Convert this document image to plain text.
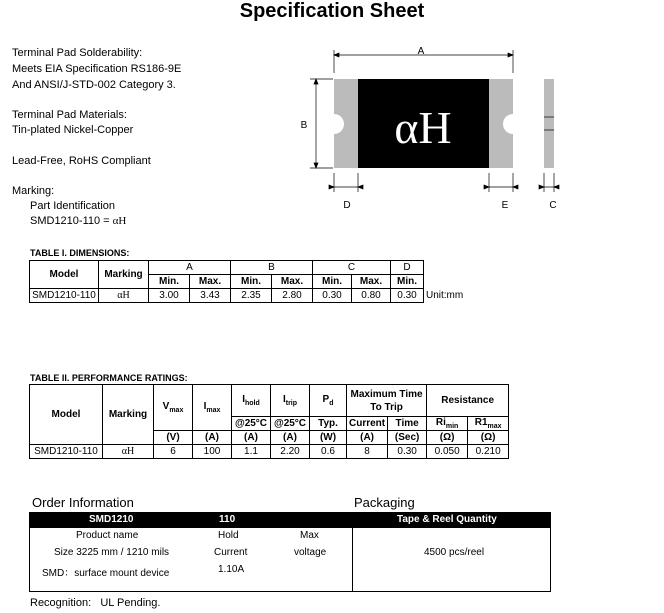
Specification Sheet
Terminal Pad Solderability:
Meets EIA Specification RS186-9E
And ANSI/J-STD-002 Category 3.
Terminal Pad Materials:
Tin-plated Nickel-Copper
Lead-Free, RoHS Compliant
Marking:
Part Identification
SMD1210-110 = αH
αH
A
B
D	E	C
TABLE I. DIMENSIONS:
Model	Marking	A		B		C		D	
		Min.	Max.	Min.	Max.	Min.	Max.	Min.	
SMD1210-110	αH	3.00	3.43	2.35	2.80	0.30	0.80	0.30	Unit:mm
TABLE II. PERFORMANCE RATINGS:
Model	Marking	$V_{max}$	$I_{max}$	$I_{hold}$	$I_{trip}$	$P_d$	Maximum Time To Trip		Resistance	
				@25°C	@25°C	Typ.	Current	Time	$Ri_{min}$	$R1_{max}$
		(V)	(A)	(A)	(A)	(W)	(A)	(Sec)	(Ω)	(Ω)
SMD1210-110	αH	6	100	1.1	2.20	0.6	8	0.30	0.050	0.210
Order Information	Packaging
SMD1210	110	Tape & Reel Quantity
Product name	Hold	Max
Size 3225 mm / 1210 mils	Current	voltage	4500 pcs/reel
SMD：surface mount device	1.10A
Recognition:   UL Pending.
